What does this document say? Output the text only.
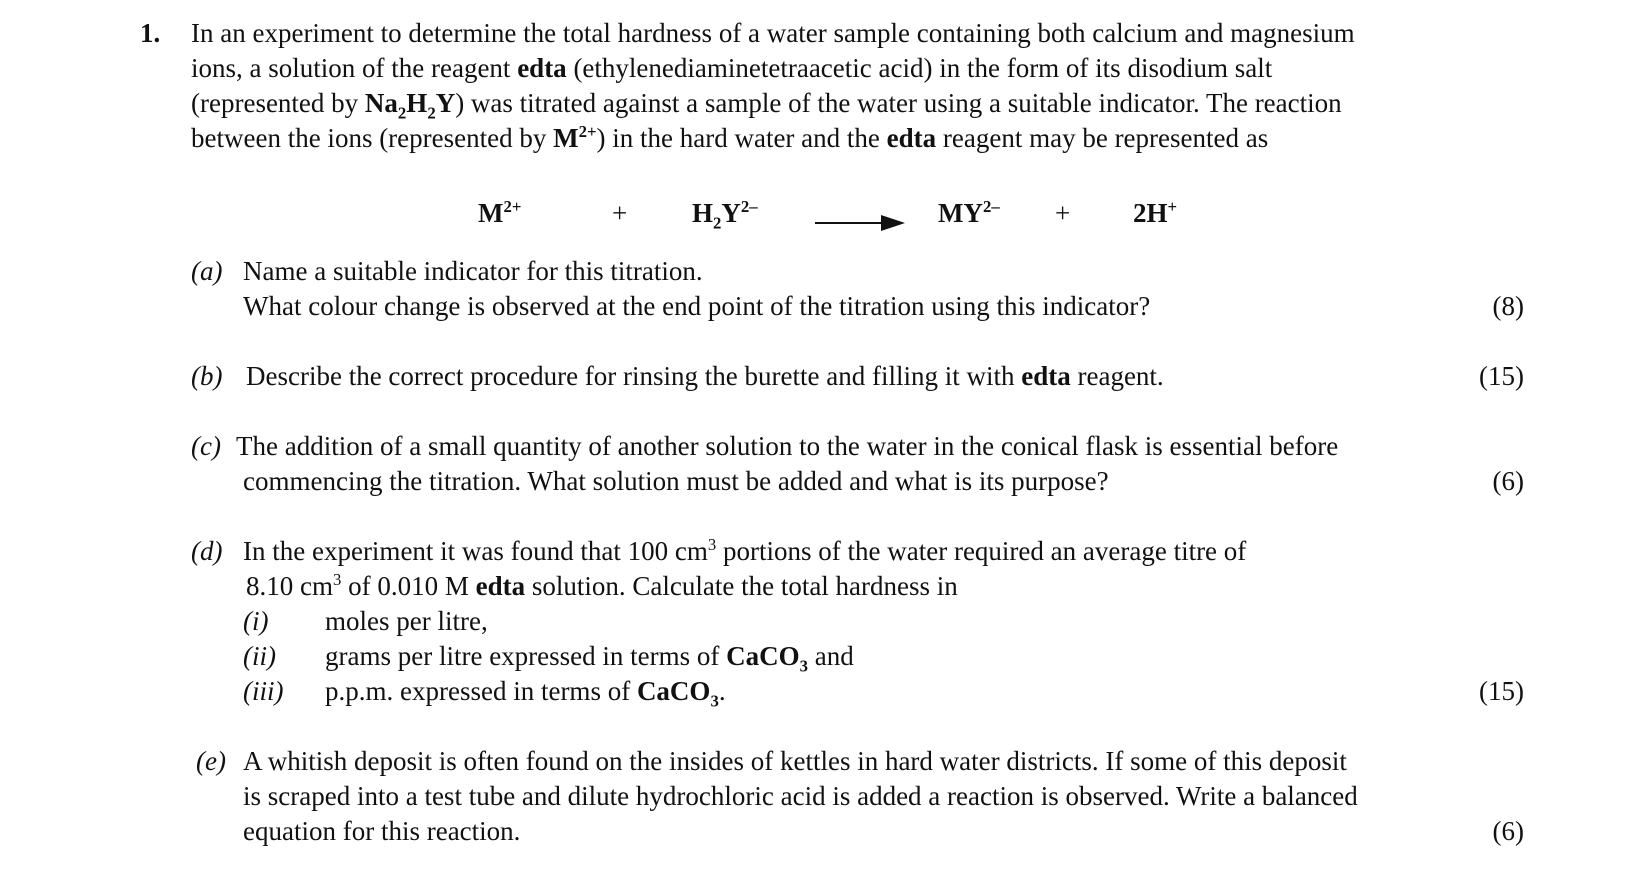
1. In an experiment to determine the total hardness of a water sample containing both calcium and magnesium
ions, a solution of the reagent edta (ethylenediaminetetraacetic acid) in the form of its disodium salt
(represented by $Na_2H_2Y$) was titrated against a sample of the water using a suitable indicator. The reaction
between the ions (represented by $M^{2+}$) in the hard water and the edta reagent may be represented as
$M^{2+}$	+ $H_2Y^{2-} \to MY^{2-} + 2H^+$
(a) Name a suitable indicator for this titration.
What colour change is observed at the end point of the titration using this indicator?	(8)
(b) Describe the correct procedure for rinsing the burette and filling it with edta reagent.	(15)
(c) The addition of a small quantity of another solution to the water in the conical flask is essential before
commencing the titration. What solution must be added and what is its purpose?	(6)
(d) In the experiment it was found that 100 $cm^3$ portions of the water required an average titre of
8.10 $cm^3$ of 0.010 M edta solution. Calculate the total hardness in
(i) moles per litre,
(ii) grams per litre expressed in terms of CaCO$_3$ and
(iii) p.p.m. expressed in terms of CaCO$_3$.	(15)
(e) A whitish deposit is often found on the insides of kettles in hard water districts. If some of this deposit
is scraped into a test tube and dilute hydrochloric acid is added a reaction is observed. Write a balanced
equation for this reaction.	(6)
